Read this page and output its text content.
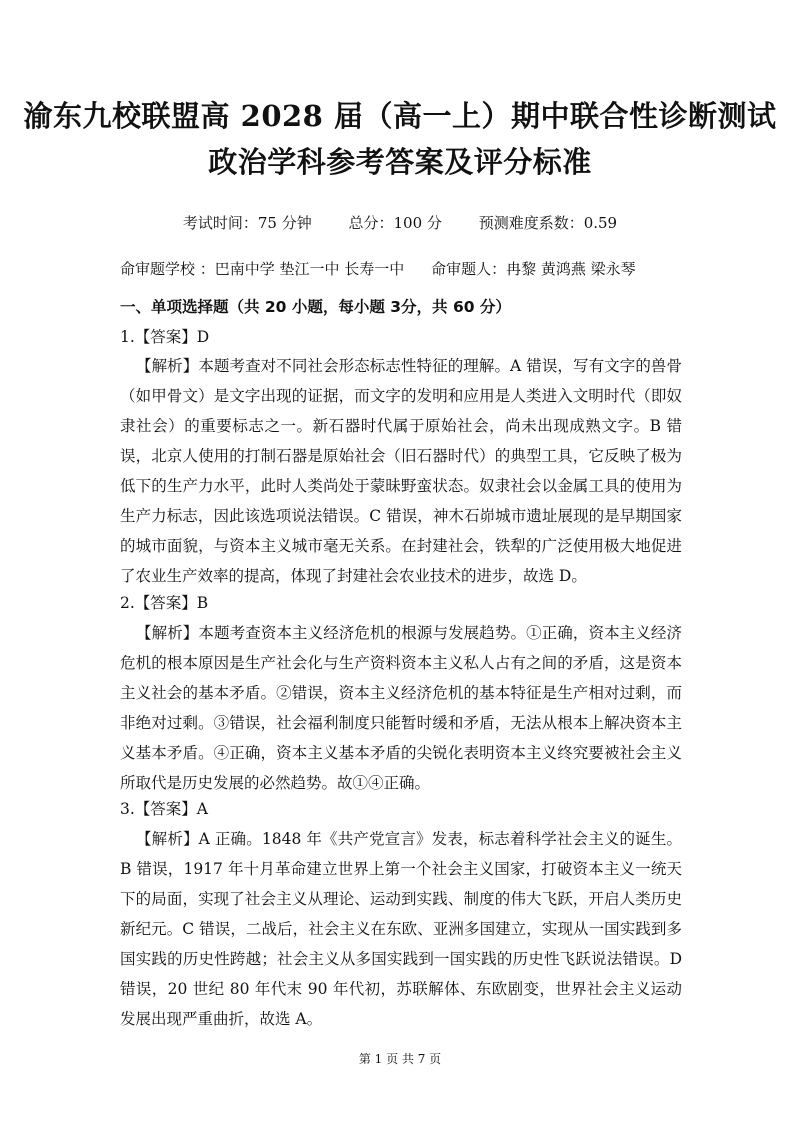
渝东九校联盟高 2028 届（高一上）期中联合性诊断测试
政治学科参考答案及评分标准
考试时间：75 分钟 总分：100 分 预测难度系数：0.59
命审题学校 ：巴南中学 垫江一中 长寿一中 命审题人：冉黎 黄鸿燕 梁永琴
一、单项选择题（共 20 小题，每小题 3分，共 60 分）
1.【答案】D
【解析】本题考查对不同社会形态标志性特征的理解。A 错误，写有文字的兽骨（如甲骨文）是文字出现的证据，而文字的发明和应用是人类进入文明时代（即奴隶社会）的重要标志之一。新石器时代属于原始社会，尚未出现成熟文字。B 错误，北京人使用的打制石器是原始社会（旧石器时代）的典型工具，它反映了极为低下的生产力水平，此时人类尚处于蒙昧野蛮状态。奴隶社会以金属工具的使用为生产力标志，因此该选项说法错误。C 错误，神木石峁城市遗址展现的是早期国家的城市面貌，与资本主义城市毫无关系。在封建社会，铁犁的广泛使用极大地促进了农业生产效率的提高，体现了封建社会农业技术的进步，故选 D。
2.【答案】B
【解析】本题考查资本主义经济危机的根源与发展趋势。①正确，资本主义经济危机的根本原因是生产社会化与生产资料资本主义私人占有之间的矛盾，这是资本主义社会的基本矛盾。②错误，资本主义经济危机的基本特征是生产相对过剩，而非绝对过剩。③错误，社会福利制度只能暂时缓和矛盾，无法从根本上解决资本主义基本矛盾。④正确，资本主义基本矛盾的尖锐化表明资本主义终究要被社会主义所取代是历史发展的必然趋势。故①④正确。
3.【答案】A
【解析】A 正确。1848 年《共产党宣言》发表，标志着科学社会主义的诞生。B 错误，1917 年十月革命建立世界上第一个社会主义国家，打破资本主义一统天下的局面，实现了社会主义从理论、运动到实践、制度的伟大飞跃，开启人类历史新纪元。C 错误，二战后，社会主义在东欧、亚洲多国建立，实现从一国实践到多国实践的历史性跨越；社会主义从多国实践到一国实践的历史性飞跃说法错误。D 错误，20 世纪 80 年代末 90 年代初，苏联解体、东欧剧变，世界社会主义运动发展出现严重曲折，故选 A。
第 1 页 共 7 页
